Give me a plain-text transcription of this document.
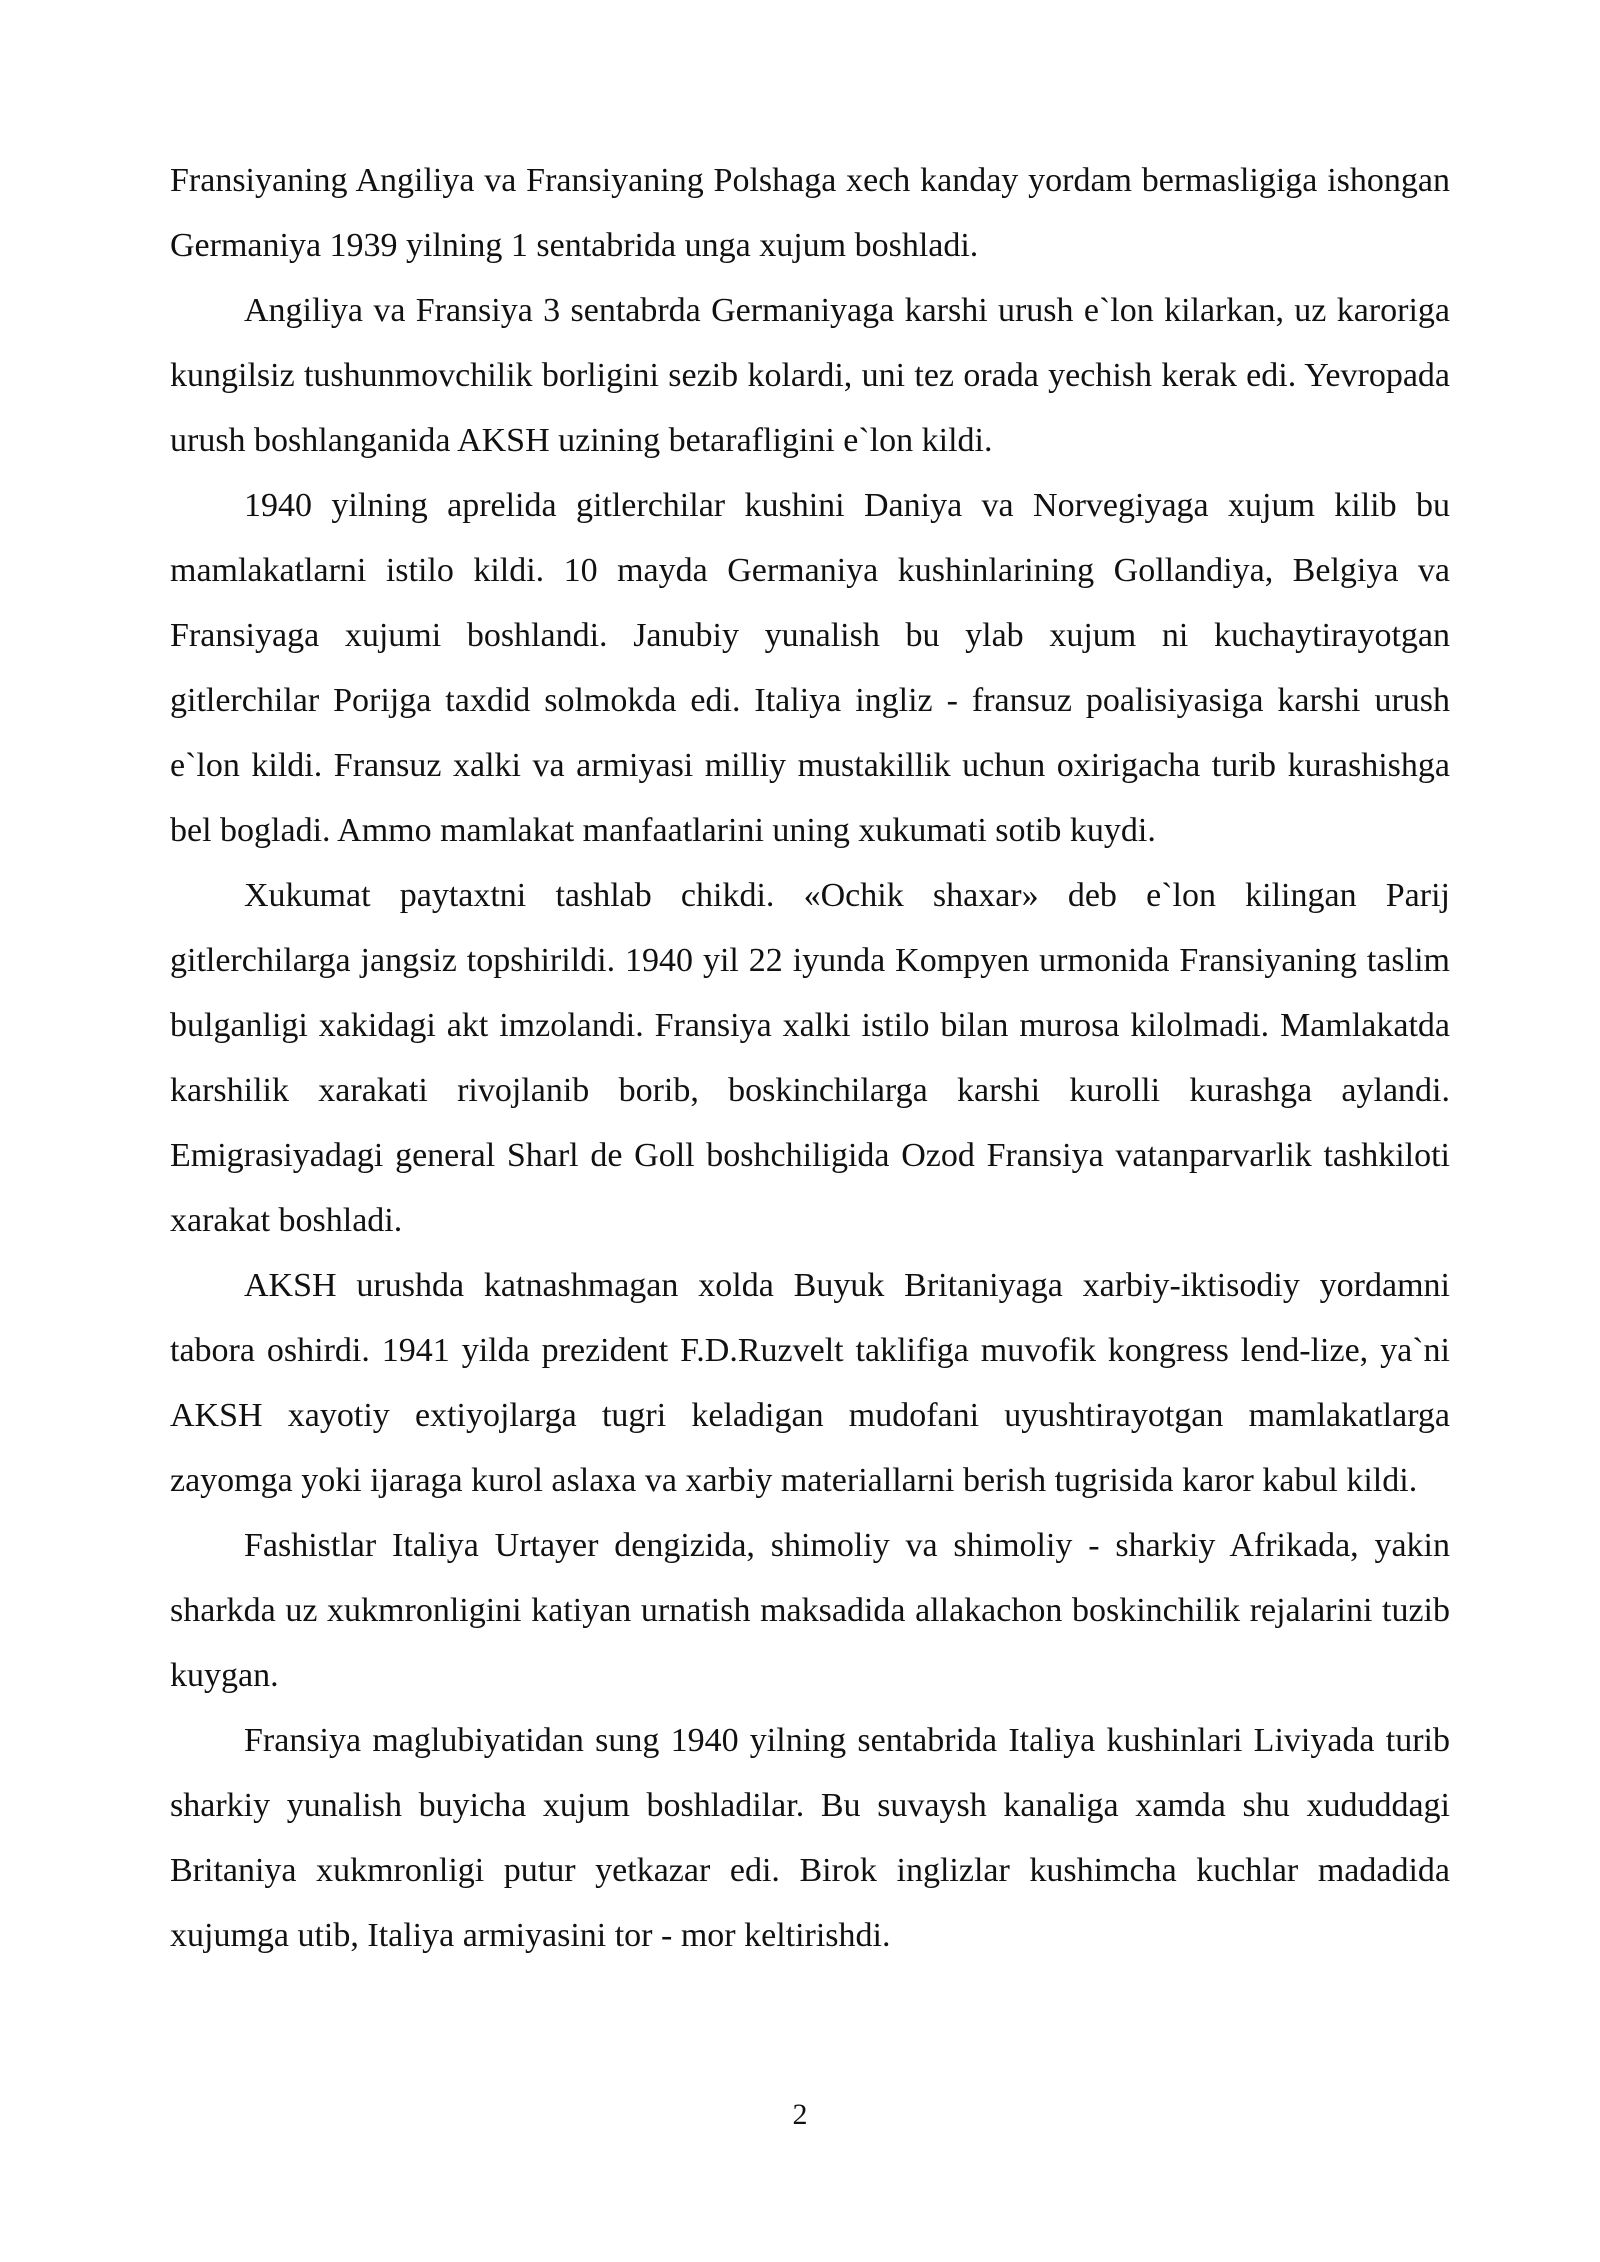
Fransiyaning Angiliya va Fransiyaning Polshaga xech kanday yordam bermasligiga ishongan Germaniya 1939 yilning 1 sentabrida unga xujum boshladi.

Angiliya va Fransiya 3 sentabrda Germaniyaga karshi urush e`lon kilarkan, uz karoriga kungilsiz tushunmovchilik borligini sezib kolardi, uni tez orada yechish kerak edi. Yevropada urush boshlanganida AKSH uzining betarafligini e`lon kildi.

1940 yilning aprelida gitlerchilar kushini Daniya va Norvegiyaga xujum kilib bu mamlakatlarni istilo kildi. 10 mayda Germaniya kushinlarining Gollandiya, Belgiya va Fransiyaga xujumi boshlandi. Janubiy yunalish bu ylab xujum ni kuchaytirayotgan gitlerchilar Porijga taxdid solmokda edi. Italiya ingliz - fransuz poalisiyasiga karshi urush e`lon kildi. Fransuz xalki va armiyasi milliy mustakillik uchun oxirigacha turib kurashishga bel bogladi. Ammo mamlakat manfaatlarini uning xukumati sotib kuydi.

Xukumat paytaxtni tashlab chikdi. «Ochik shaxar» deb e`lon kilingan Parij gitlerchilarga jangsiz topshirildi. 1940 yil 22 iyunda Kompyen urmonida Fransiyaning taslim bulganligi xakidagi akt imzolandi. Fransiya xalki istilo bilan murosa kilolmadi. Mamlakatda karshilik xarakati rivojlanib borib, boskinchilarga karshi kurolli kurashga aylandi. Emigrasiyadagi general Sharl de Goll boshchiligida Ozod Fransiya vatanparvarlik tashkiloti xarakat boshladi.

AKSH urushda katnashmagan xolda Buyuk Britaniyaga xarbiy-iktisodiy yordamni tabora oshirdi. 1941 yilda prezident F.D.Ruzvelt taklifiga muvofik kongress lend-lize, ya`ni AKSH xayotiy extiyojlarga tugri keladigan mudofani uyushtirayotgan mamlakatlarga zayomga yoki ijaraga kurol aslaxa va xarbiy materiallarni berish tugrisida karor kabul kildi.

Fashistlar Italiya Urtayer dengizida, shimoliy va shimoliy - sharkiy Afrikada, yakin sharkda uz xukmronligini katiyan urnatish maksadida allakachon boskinchilik rejalarini tuzib kuygan.

Fransiya maglubiyatidan sung 1940 yilning sentabrida Italiya kushinlari Liviyada turib sharkiy yunalish buyicha xujum boshladilar. Bu suvaysh kanaliga xamda shu xududdagi Britaniya xukmronligi putur yetkazar edi. Birok inglizlar kushimcha kuchlar madadida xujumga utib, Italiya armiyasini tor - mor keltirishdi.

2
